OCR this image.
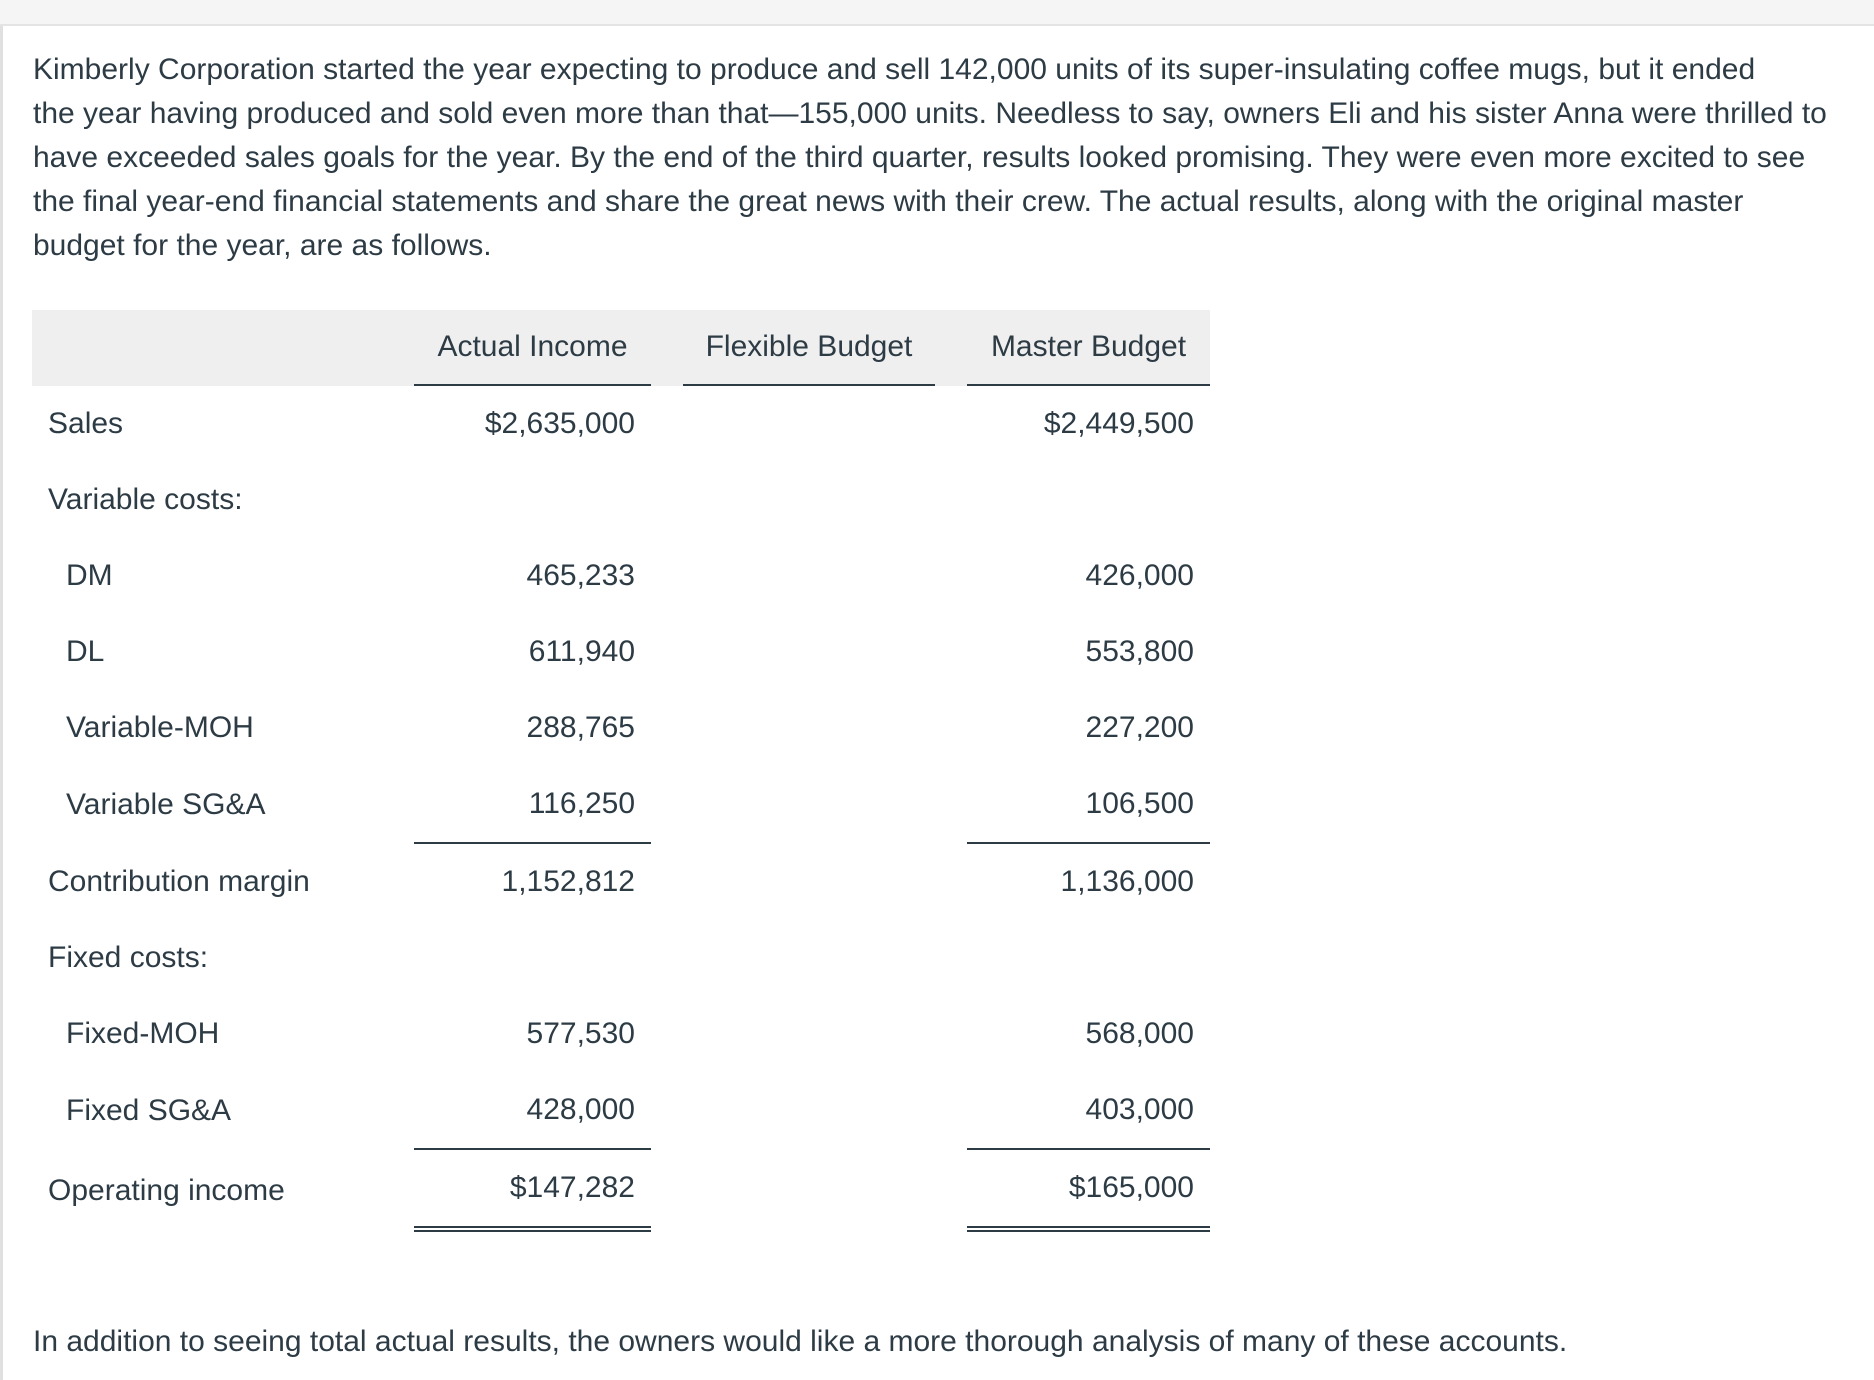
Kimberly Corporation started the year expecting to produce and sell 142,000 units of its super-insulating coffee mugs, but it ended
the year having produced and sold even more than that—155,000 units. Needless to say, owners Eli and his sister Anna were thrilled to
have exceeded sales goals for the year. By the end of the third quarter, results looked promising. They were even more excited to see
the final year-end financial statements and share the great news with their crew. The actual results, along with the original master
budget for the year, are as follows.

		Actual Income		Flexible Budget		Master Budget
Sales		$2,635,000				$2,449,500
Variable costs:						
DM		465,233				426,000
DL		611,940				553,800
Variable-MOH		288,765				227,200
Variable SG&A		116,250				106,500
Contribution margin		1,152,812				1,136,000
Fixed costs:						
Fixed-MOH		577,530				568,000
Fixed SG&A		428,000				403,000
Operating income		$147,282				$165,000

In addition to seeing total actual results, the owners would like a more thorough analysis of many of these accounts.
